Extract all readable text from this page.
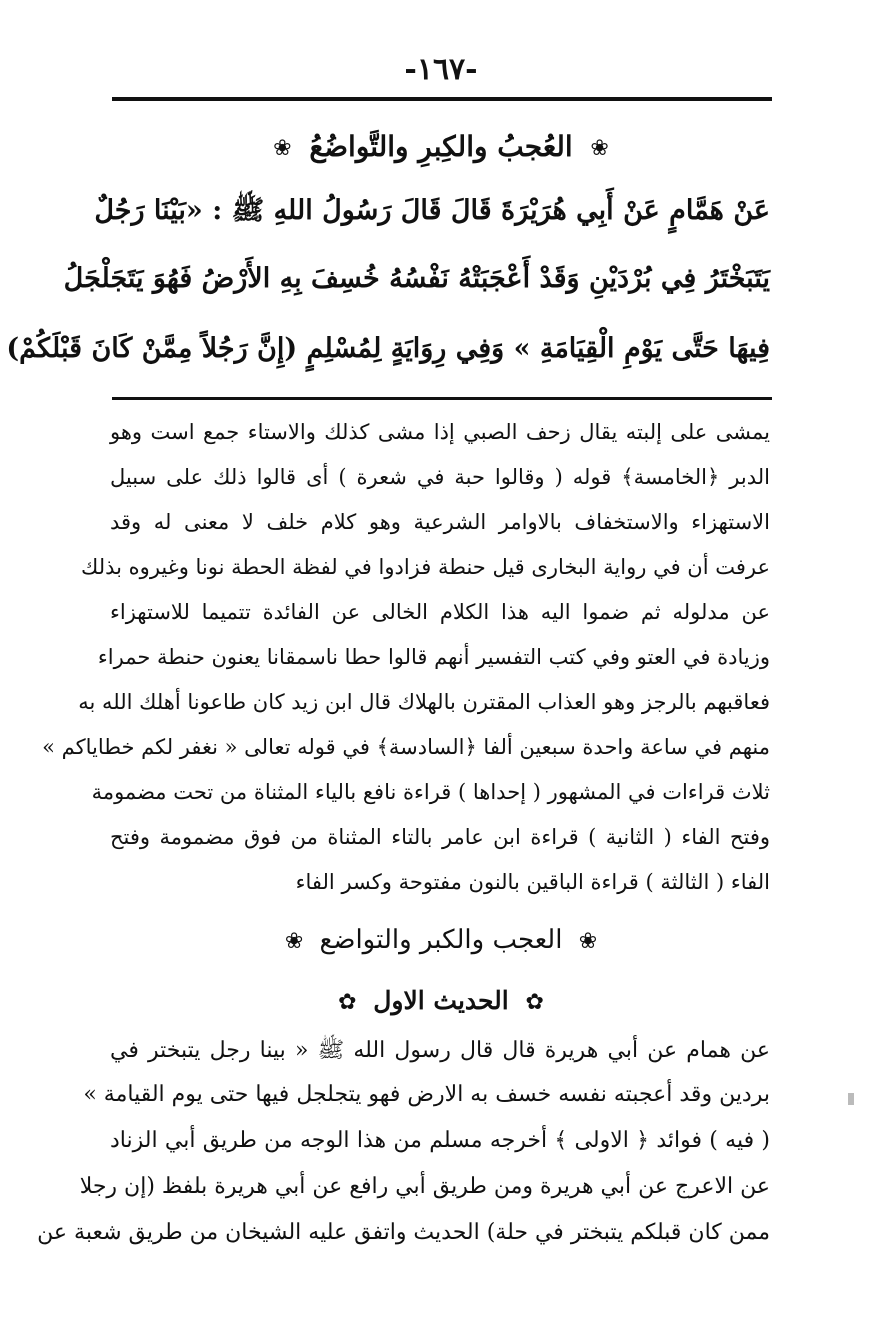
-١٦٧-
❀ العُجبُ والكِبرِ والتَّواضُعُ ❀
عَنْ هَمَّامٍ عَنْ أَبِي هُرَيْرَةَ قَالَ قَالَ رَسُولُ اللهِ ﷺ : «بَيْنَا رَجُلٌ
يَتَبَخْتَرُ فِي بُرْدَيْنِ وَقَدْ أَعْجَبَتْهُ نَفْسُهُ خُسِفَ بِهِ الأَرْضُ فَهُوَ يَتَجَلْجَلُ
فِيهَا حَتَّى يَوْمِ الْقِيَامَةِ » وَفِي رِوَايَةٍ لِمُسْلِمٍ (إِنَّ رَجُلاً مِمَّنْ كَانَ قَبْلَكُمْ)
يمشى على إلبته يقال زحف الصبي إذا مشى كذلك والاستاء جمع است وهو
الدبر ﴿الخامسة﴾ قوله ( وقالوا حبة في شعرة ) أى قالوا ذلك على سبيل
الاستهزاء والاستخفاف بالاوامر الشرعية وهو كلام خلف لا معنى له وقد
عرفت أن في رواية البخارى قيل حنطة فزادوا في لفظة الحطة نونا وغيروه بذلك
عن مدلوله ثم ضموا اليه هذا الكلام الخالى عن الفائدة تتميما للاستهزاء
وزيادة في العتو وفي كتب التفسير أنهم قالوا حطا ناسمقانا يعنون حنطة حمراء
فعاقبهم بالرجز وهو العذاب المقترن بالهلاك قال ابن زيد كان طاعونا أهلك الله به
منهم في ساعة واحدة سبعين ألفا ﴿السادسة﴾ في قوله تعالى « نغفر لكم خطاياكم »
ثلاث قراءات في المشهور ( إحداها ) قراءة نافع بالياء المثناة من تحت مضمومة
وفتح الفاء ( الثانية ) قراءة ابن عامر بالتاء المثناة من فوق مضمومة وفتح
الفاء ( الثالثة ) قراءة الباقين بالنون مفتوحة وكسر الفاء
❀ العجب والكبر والتواضع ❀
✿ الحديث الاول ✿
عن همام عن أبي هريرة قال قال رسول الله ﷺ « بينا رجل يتبختر في
بردين وقد أعجبته نفسه خسف به الارض فهو يتجلجل فيها حتى يوم القيامة »
( فيه ) فوائد ﴿ الاولى ﴾ أخرجه مسلم من هذا الوجه من طريق أبي الزناد
عن الاعرج عن أبي هريرة ومن طريق أبي رافع عن أبي هريرة بلفظ (إن رجلا
ممن كان قبلكم يتبختر في حلة) الحديث واتفق عليه الشيخان من طريق شعبة عن
